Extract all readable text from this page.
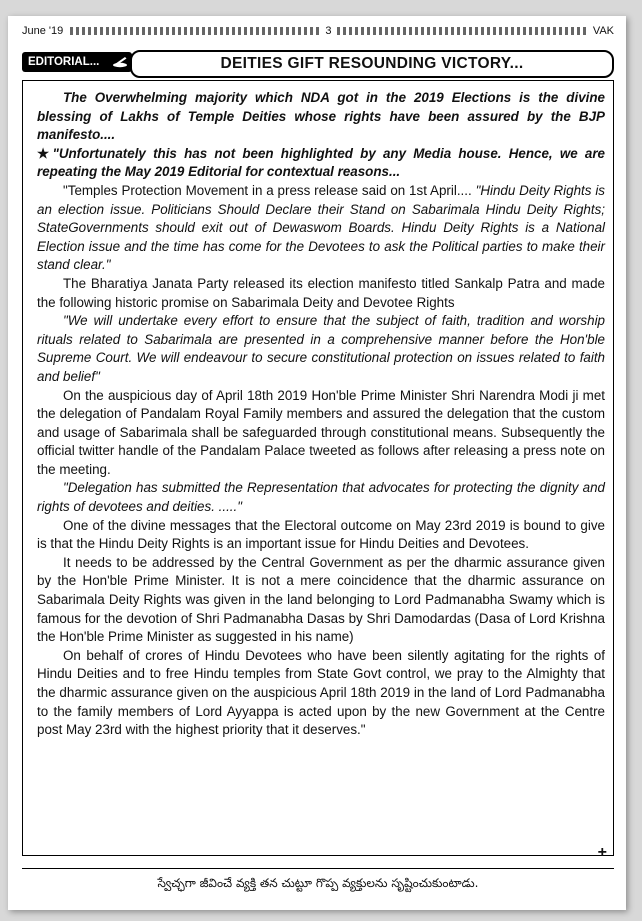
June '19	3	VAK
EDITORIAL...	DEITIES GIFT RESOUNDING VICTORY...

The Overwhelming majority which NDA got in the 2019 Elections is the divine blessing of Lakhs of Temple Deities whose rights have been assured by the BJP manifesto....

★"Unfortunately this has not been highlighted by any Media house. Hence, we are repeating the May 2019 Editorial for contextual reasons...

"Temples Protection Movement in a press release said on 1st April.... "Hindu Deity Rights is an election issue. Politicians Should Declare their Stand on Sabarimala Hindu Deity Rights; StateGovernments should exit out of Dewaswom Boards. Hindu Deity Rights is a National Election issue and the time has come for the Devotees to ask the Political parties to make their stand clear."

The Bharatiya Janata Party released its election manifesto titled Sankalp Patra and made the following historic promise on Sabarimala Deity and Devotee Rights

"We will undertake every effort to ensure that the subject of faith, tradition and worship rituals related to Sabarimala are presented in a comprehensive manner before the Hon'ble Supreme Court. We will endeavour to secure constitutional protection on issues related to faith and belief"

On the auspicious day of April 18th 2019 Hon'ble Prime Minister Shri Narendra Modi ji met the delegation of Pandalam Royal Family members and assured the delegation that the custom and usage of Sabarimala shall be safeguarded through constitutional means. Subsequently the official twitter handle of the Pandalam Palace tweeted as follows after releasing a press note on the meeting.

"Delegation has submitted the Representation that advocates for protecting the dignity and rights of devotees and deities. ....."

One of the divine messages that the Electoral outcome on May 23rd 2019 is bound to give is that the Hindu Deity Rights is an important issue for Hindu Deities and Devotees.

It needs to be addressed by the Central Government as per the dharmic assurance given by the Hon'ble Prime Minister. It is not a mere coincidence that the dharmic assurance on Sabarimala Deity Rights was given in the land belonging to Lord Padmanabha Swamy which is famous for the devotion of Shri Padmanabha Dasas by Shri Damodardas (Dasa of Lord Krishna the Hon'ble Prime Minister as suggested in his name)

On behalf of crores of Hindu Devotees who have been silently agitating for the rights of Hindu Deities and to free Hindu temples from State Govt control, we pray to the Almighty that the dharmic assurance given on the auspicious April 18th 2019 in the land of Lord Padmanabha to the family members of Lord Ayyappa is acted upon by the new Government at the Centre post May 23rd with the highest priority that it deserves."

+
స్వేచ్ఛగా జీవించే వ్యక్తి తన చుట్టూ గొప్ప వ్యక్తులను సృష్టించుకుంటాడు.
